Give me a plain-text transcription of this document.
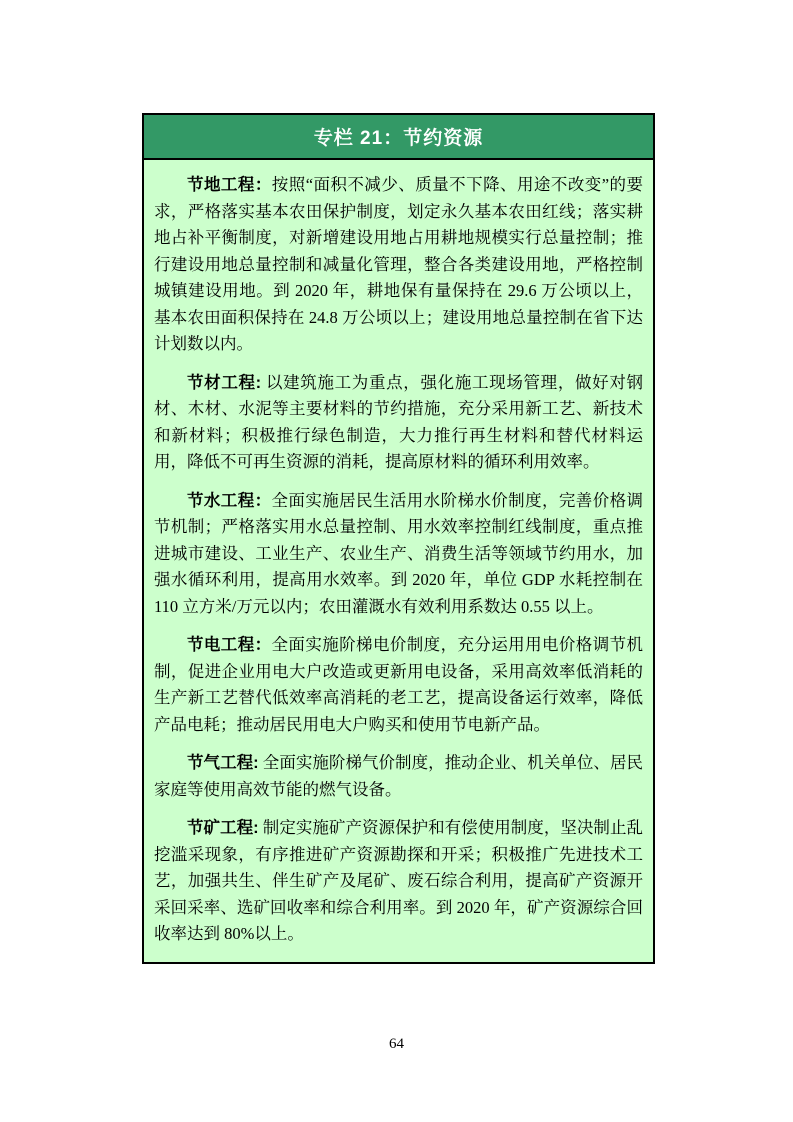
专栏 21：节约资源

节地工程：按照“面积不减少、质量不下降、用途不改变”的要求，严格落实基本农田保护制度，划定永久基本农田红线；落实耕地占补平衡制度，对新增建设用地占用耕地规模实行总量控制；推行建设用地总量控制和减量化管理，整合各类建设用地，严格控制城镇建设用地。到 2020 年，耕地保有量保持在 29.6 万公顷以上，基本农田面积保持在 24.8 万公顷以上；建设用地总量控制在省下达计划数以内。

节材工程: 以建筑施工为重点，强化施工现场管理，做好对钢材、木材、水泥等主要材料的节约措施，充分采用新工艺、新技术和新材料；积极推行绿色制造，大力推行再生材料和替代材料运用，降低不可再生资源的消耗，提高原材料的循环利用效率。

节水工程：全面实施居民生活用水阶梯水价制度，完善价格调节机制；严格落实用水总量控制、用水效率控制红线制度，重点推进城市建设、工业生产、农业生产、消费生活等领域节约用水，加强水循环利用，提高用水效率。到 2020 年，单位 GDP 水耗控制在 110 立方米/万元以内；农田灌溉水有效利用系数达 0.55 以上。

节电工程：全面实施阶梯电价制度，充分运用用电价格调节机制，促进企业用电大户改造或更新用电设备，采用高效率低消耗的生产新工艺替代低效率高消耗的老工艺，提高设备运行效率，降低产品电耗；推动居民用电大户购买和使用节电新产品。

节气工程: 全面实施阶梯气价制度，推动企业、机关单位、居民家庭等使用高效节能的燃气设备。

节矿工程: 制定实施矿产资源保护和有偿使用制度，坚决制止乱挖滥采现象，有序推进矿产资源勘探和开采；积极推广先进技术工艺，加强共生、伴生矿产及尾矿、废石综合利用，提高矿产资源开采回采率、选矿回收率和综合利用率。到 2020 年，矿产资源综合回收率达到 80%以上。

64
